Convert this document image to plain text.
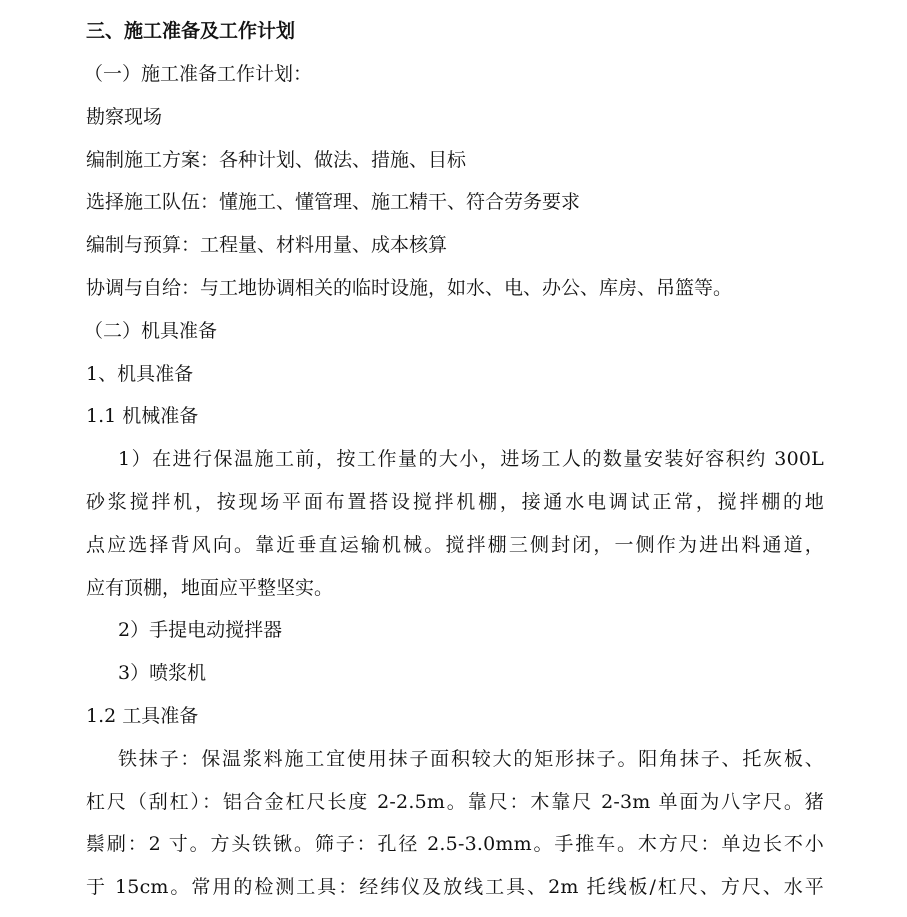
三、施工准备及工作计划
（一）施工准备工作计划：
勘察现场
编制施工方案：各种计划、做法、措施、目标
选择施工队伍：懂施工、懂管理、施工精干、符合劳务要求
编制与预算：工程量、材料用量、成本核算
协调与自给：与工地协调相关的临时设施，如水、电、办公、库房、吊篮等。
（二）机具准备
1、机具准备
1.1 机械准备
1）在进行保温施工前，按工作量的大小，进场工人的数量安装好容积约 300L
砂浆搅拌机，按现场平面布置搭设搅拌机棚，接通水电调试正常，搅拌棚的地
点应选择背风向。靠近垂直运输机械。搅拌棚三侧封闭，一侧作为进出料通道，
应有顶棚，地面应平整坚实。
2）手提电动搅拌器
3）喷浆机
1.2 工具准备
铁抹子：保温浆料施工宜使用抹子面积较大的矩形抹子。阳角抹子、托灰板、
杠尺（刮杠）：铝合金杠尺长度 2-2.5m。靠尺：木靠尺 2-3m 单面为八字尺。猪
鬃刷：2 寸。方头铁锹。筛子：孔径 2.5-3.0mm。手推车。木方尺：单边长不小
于 15cm。常用的检测工具：经纬仪及放线工具、2m 托线板/杠尺、方尺、水平
